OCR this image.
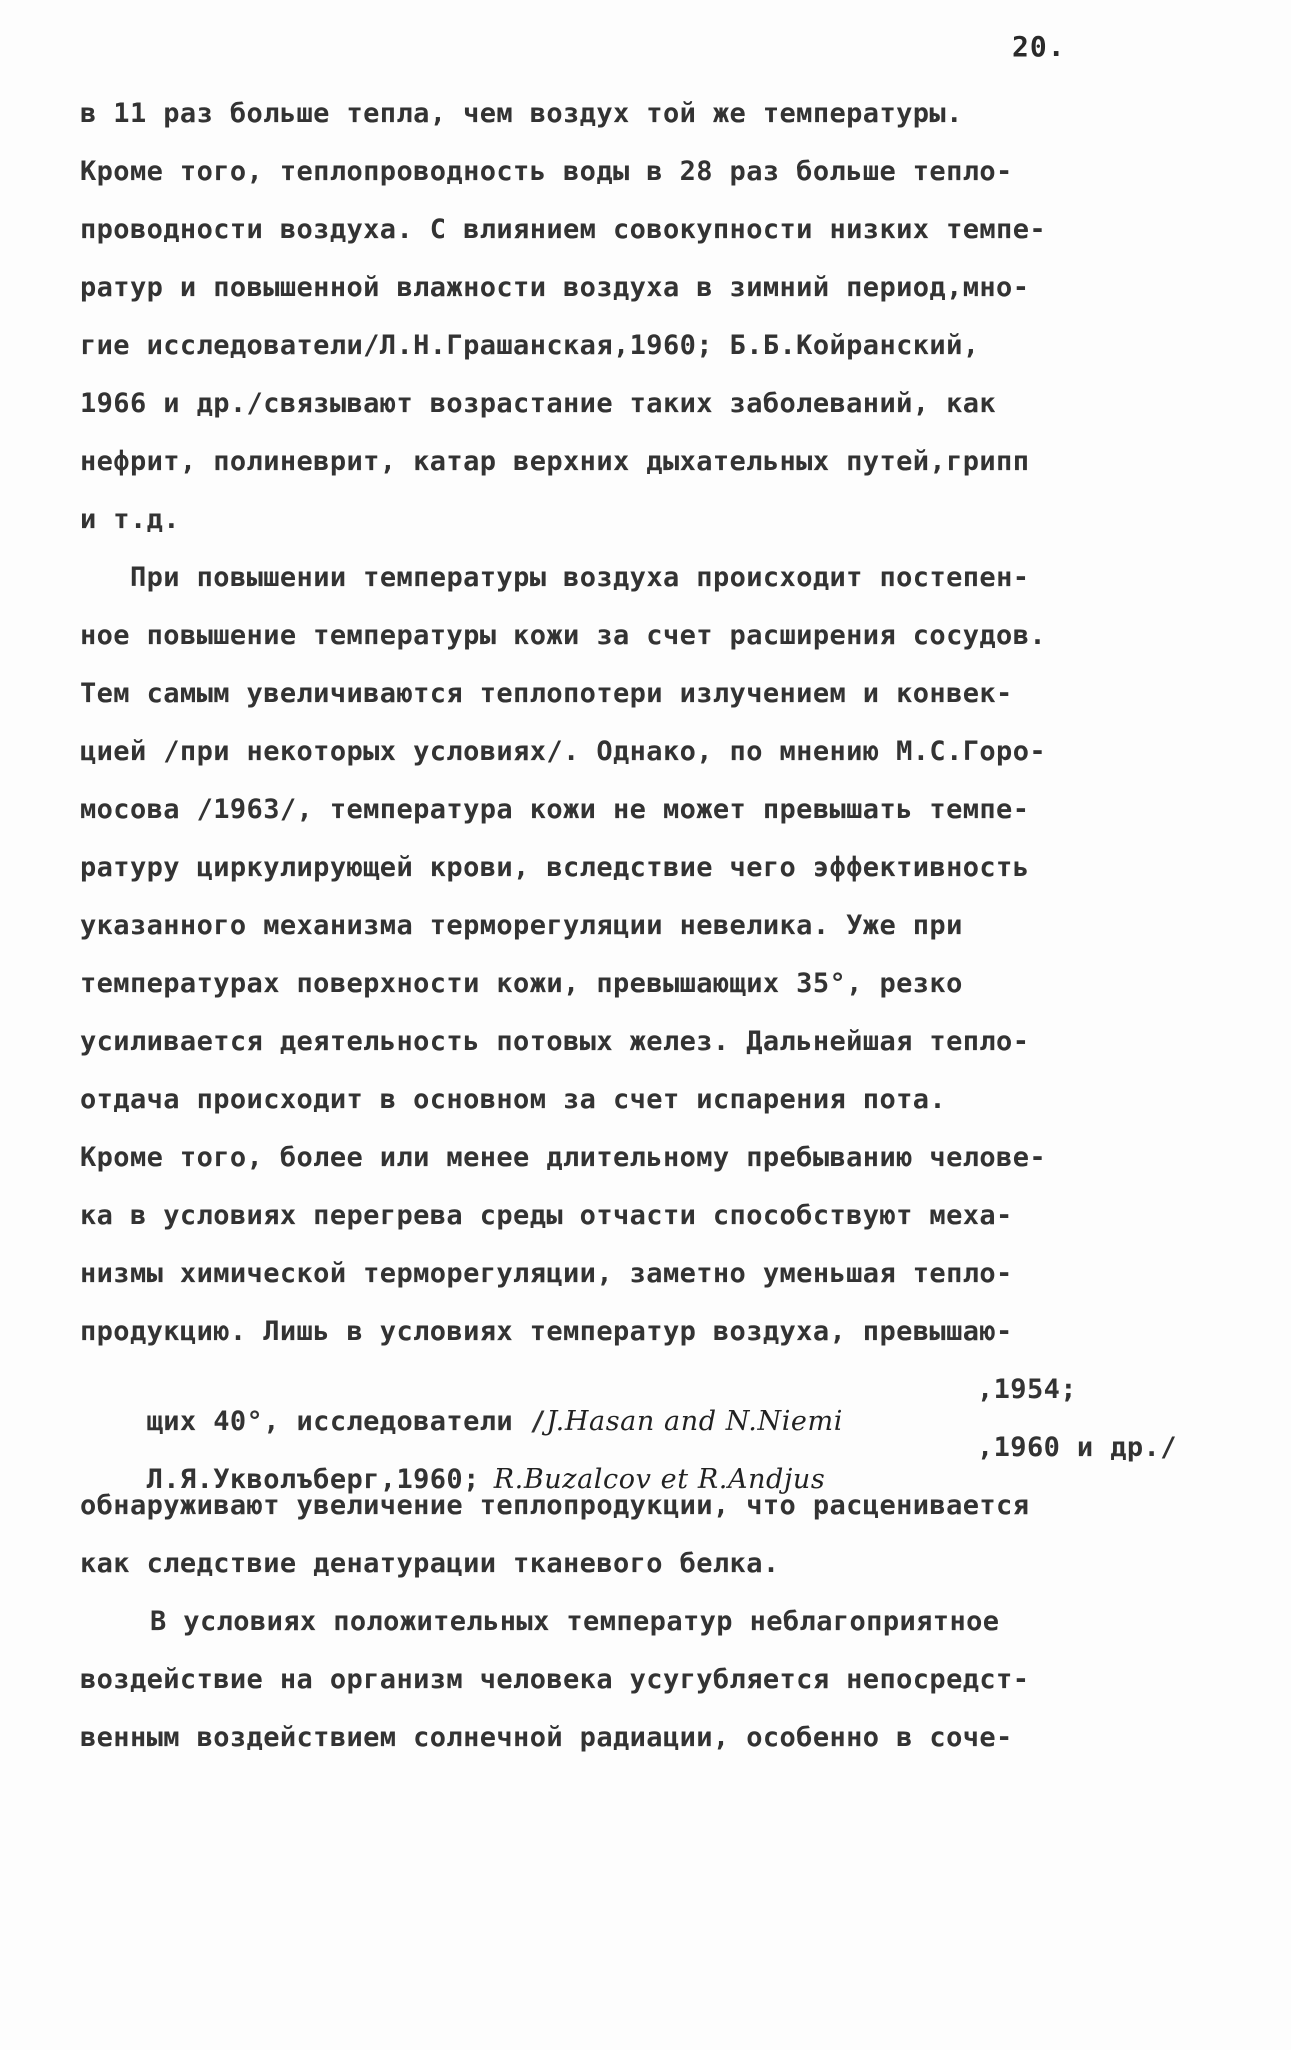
20.
в 11 раз больше тепла, чем воздух той же температуры.
Кроме того, теплопроводность воды в 28 раз больше тепло-
проводности воздуха. С влиянием совокупности низких темпе-
ратур и повышенной влажности воздуха в зимний период,мно-
гие исследователи/Л.Н.Грашанская,1960; Б.Б.Койранский,
1966 и др./связывают возрастание таких заболеваний, как
нефрит, полиневрит, катар верхних дыхательных путей,грипп
и т.д.
При повышении температуры воздуха происходит постепен-
ное повышение температуры кожи за счет расширения сосудов.
Тем самым увеличиваются теплопотери излучением и конвек-
цией /при некоторых условиях/. Однако, по мнению М.С.Горо-
мосова /1963/, температура кожи не может превышать темпе-
ратуру циркулирующей крови, вследствие чего эффективность
указанного механизма терморегуляции невелика. Уже при
температурах поверхности кожи, превышающих 35°, резко
усиливается деятельность потовых желез. Дальнейшая тепло-
отдача происходит в основном за счет испарения пота.
Кроме того, более или менее длительному пребыванию челове-
ка в условиях перегрева среды отчасти способствуют меха-
низмы химической терморегуляции, заметно уменьшая тепло-
продукцию. Лишь в условиях температур воздуха, превышаю-

щих 40°, исследователи /J.Hasan and N.Niemi

,1954;

Л.Я.Укволъберг,1960; R.Buzalcov et R.Andjus

,1960 и др./
обнаруживают увеличение теплопродукции, что расценивается
как следствие денатурации тканевого белка.
В условиях положительных температур неблагоприятное
воздействие на организм человека усугубляется непосредст-
венным воздействием солнечной радиации, особенно в соче-
